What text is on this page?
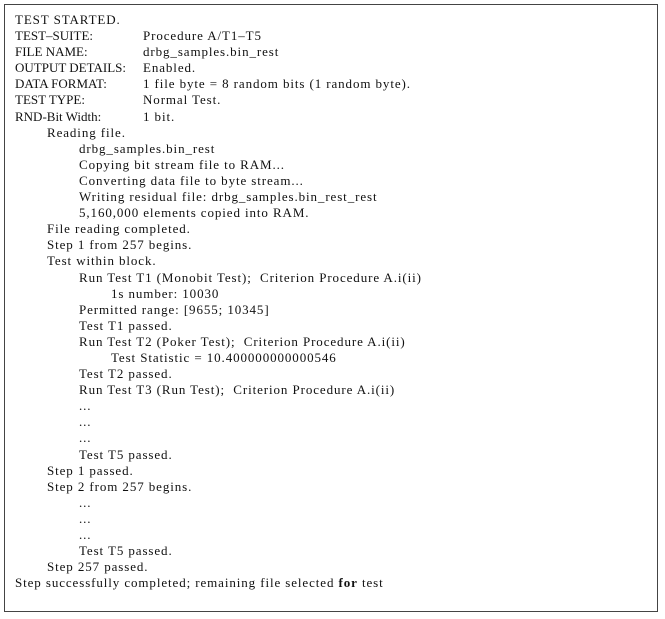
TEST STARTED.
TEST–SUITE:	Procedure A/T1–T5
FILE NAME:	drbg_samples.bin_rest
OUTPUT DETAILS: Enabled.
DATA FORMAT:	1 file byte = 8 random bits (1 random byte).
TEST TYPE:	Normal Test.
RND-Bit Width:	1 bit.
Reading file.
drbg_samples.bin_rest
Copying bit stream file to RAM...
Converting data file to byte stream...
Writing residual file: drbg_samples.bin_rest_rest
5,160,000 elements copied into RAM.
File reading completed.
Step 1 from 257 begins.
Test within block.
Run Test T1 (Monobit Test);  Criterion Procedure A.i(ii)
1s number: 10030
Permitted range: [9655; 10345]
Test T1 passed.
Run Test T2 (Poker Test);  Criterion Procedure A.i(ii)
Test Statistic = 10.400000000000546
Test T2 passed.
Run Test T3 (Run Test);  Criterion Procedure A.i(ii)
...
...
...
Test T5 passed.
Step 1 passed.
Step 2 from 257 begins.
...
...
...
Test T5 passed.
Step 257 passed.
Step successfully completed; remaining file selected for test
